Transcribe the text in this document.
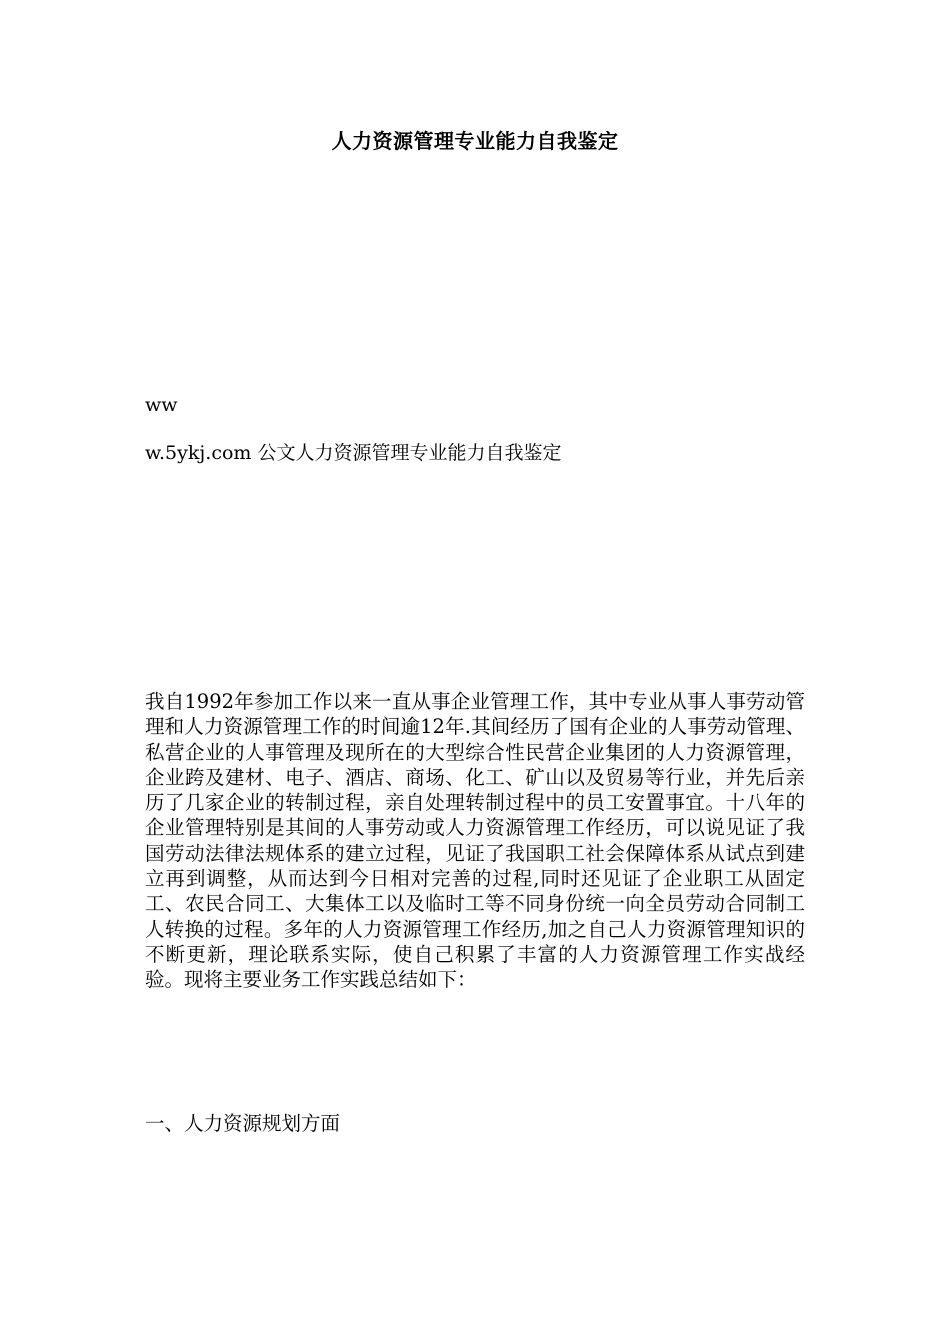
人力资源管理专业能力自我鉴定
ww
w.5ykj.com 公文人力资源管理专业能力自我鉴定
我自1992年参加工作以来一直从事企业管理工作，其中专业从事人事劳动管理和人力资源管理工作的时间逾12年.其间经历了国有企业的人事劳动管理、私营企业的人事管理及现所在的大型综合性民营企业集团的人力资源管理，企业跨及建材、电子、酒店、商场、化工、矿山以及贸易等行业，并先后亲历了几家企业的转制过程，亲自处理转制过程中的员工安置事宜。十八年的企业管理特别是其间的人事劳动或人力资源管理工作经历，可以说见证了我国劳动法律法规体系的建立过程，见证了我国职工社会保障体系从试点到建立再到调整，从而达到今日相对完善的过程,同时还见证了企业职工从固定工、农民合同工、大集体工以及临时工等不同身份统一向全员劳动合同制工人转换的过程。多年的人力资源管理工作经历,加之自己人力资源管理知识的不断更新，理论联系实际，使自己积累了丰富的人力资源管理工作实战经验。现将主要业务工作实践总结如下：
一、人力资源规划方面
